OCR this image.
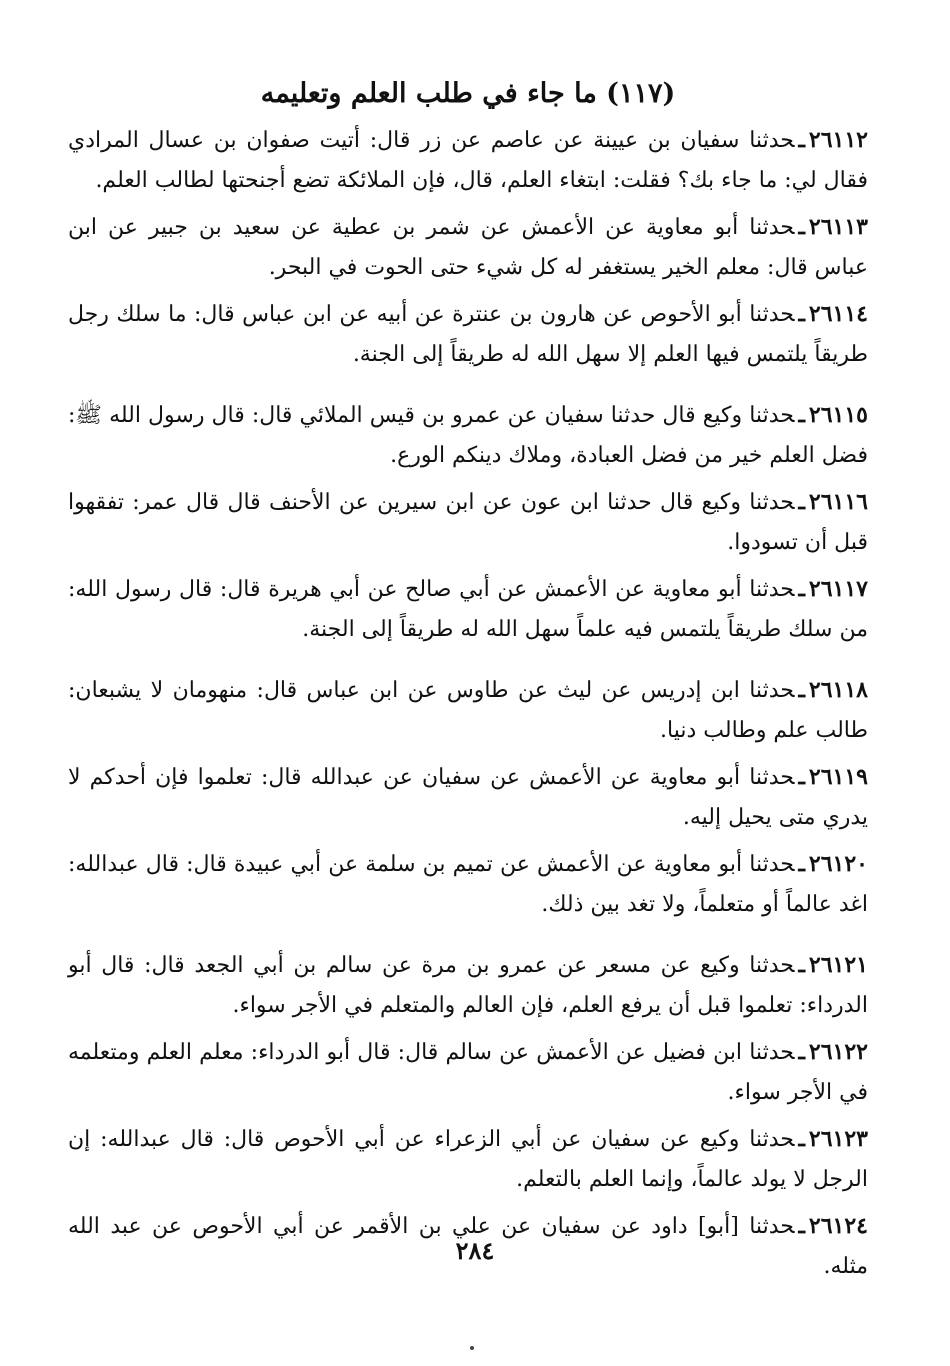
(١١٧) ما جاء في طلب العلم وتعليمه

٢٦١١٢ـحدثنا سفيان بن عيينة عن عاصم عن زر قال: أتيت صفوان بن عسال المرادي فقال لي: ما جاء بك؟ فقلت: ابتغاء العلم، قال، فإن الملائكة تضع أجنحتها لطالب العلم.

٢٦١١٣ـحدثنا أبو معاوية عن الأعمش عن شمر بن عطية عن سعيد بن جبير عن ابن عباس قال: معلم الخير يستغفر له كل شيء حتى الحوت في البحر.

٢٦١١٤ـحدثنا أبو الأحوص عن هارون بن عنترة عن أبيه عن ابن عباس قال: ما سلك رجل طريقاً يلتمس فيها العلم إلا سهل الله له طريقاً إلى الجنة.

٢٦١١٥ـحدثنا وكيع قال حدثنا سفيان عن عمرو بن قيس الملائي قال: قال رسول الله ﷺ: فضل العلم خير من فضل العبادة، وملاك دينكم الورع.

٢٦١١٦ـحدثنا وكيع قال حدثنا ابن عون عن ابن سيرين عن الأحنف قال قال عمر: تفقهوا قبل أن تسودوا.

٢٦١١٧ـحدثنا أبو معاوية عن الأعمش عن أبي صالح عن أبي هريرة قال: قال رسول الله: من سلك طريقاً يلتمس فيه علماً سهل الله له طريقاً إلى الجنة.

٢٦١١٨ـحدثنا ابن إدريس عن ليث عن طاوس عن ابن عباس قال: منهومان لا يشبعان: طالب علم وطالب دنيا.

٢٦١١٩ـحدثنا أبو معاوية عن الأعمش عن سفيان عن عبدالله قال: تعلموا فإن أحدكم لا يدري متى يحيل إليه.

٢٦١٢٠ـحدثنا أبو معاوية عن الأعمش عن تميم بن سلمة عن أبي عبيدة قال: قال عبدالله: اغد عالماً أو متعلماً، ولا تغد بين ذلك.

٢٦١٢١ـحدثنا وكيع عن مسعر عن عمرو بن مرة عن سالم بن أبي الجعد قال: قال أبو الدرداء: تعلموا قبل أن يرفع العلم، فإن العالم والمتعلم في الأجر سواء.

٢٦١٢٢ـحدثنا ابن فضيل عن الأعمش عن سالم قال: قال أبو الدرداء: معلم العلم ومتعلمه في الأجر سواء.

٢٦١٢٣ـحدثنا وكيع عن سفيان عن أبي الزعراء عن أبي الأحوص قال: قال عبدالله: إن الرجل لا يولد عالماً، وإنما العلم بالتعلم.

٢٦١٢٤ـحدثنا [أبو] داود عن سفيان عن علي بن الأقمر عن أبي الأحوص عن عبد الله مثله.

٢٨٤
